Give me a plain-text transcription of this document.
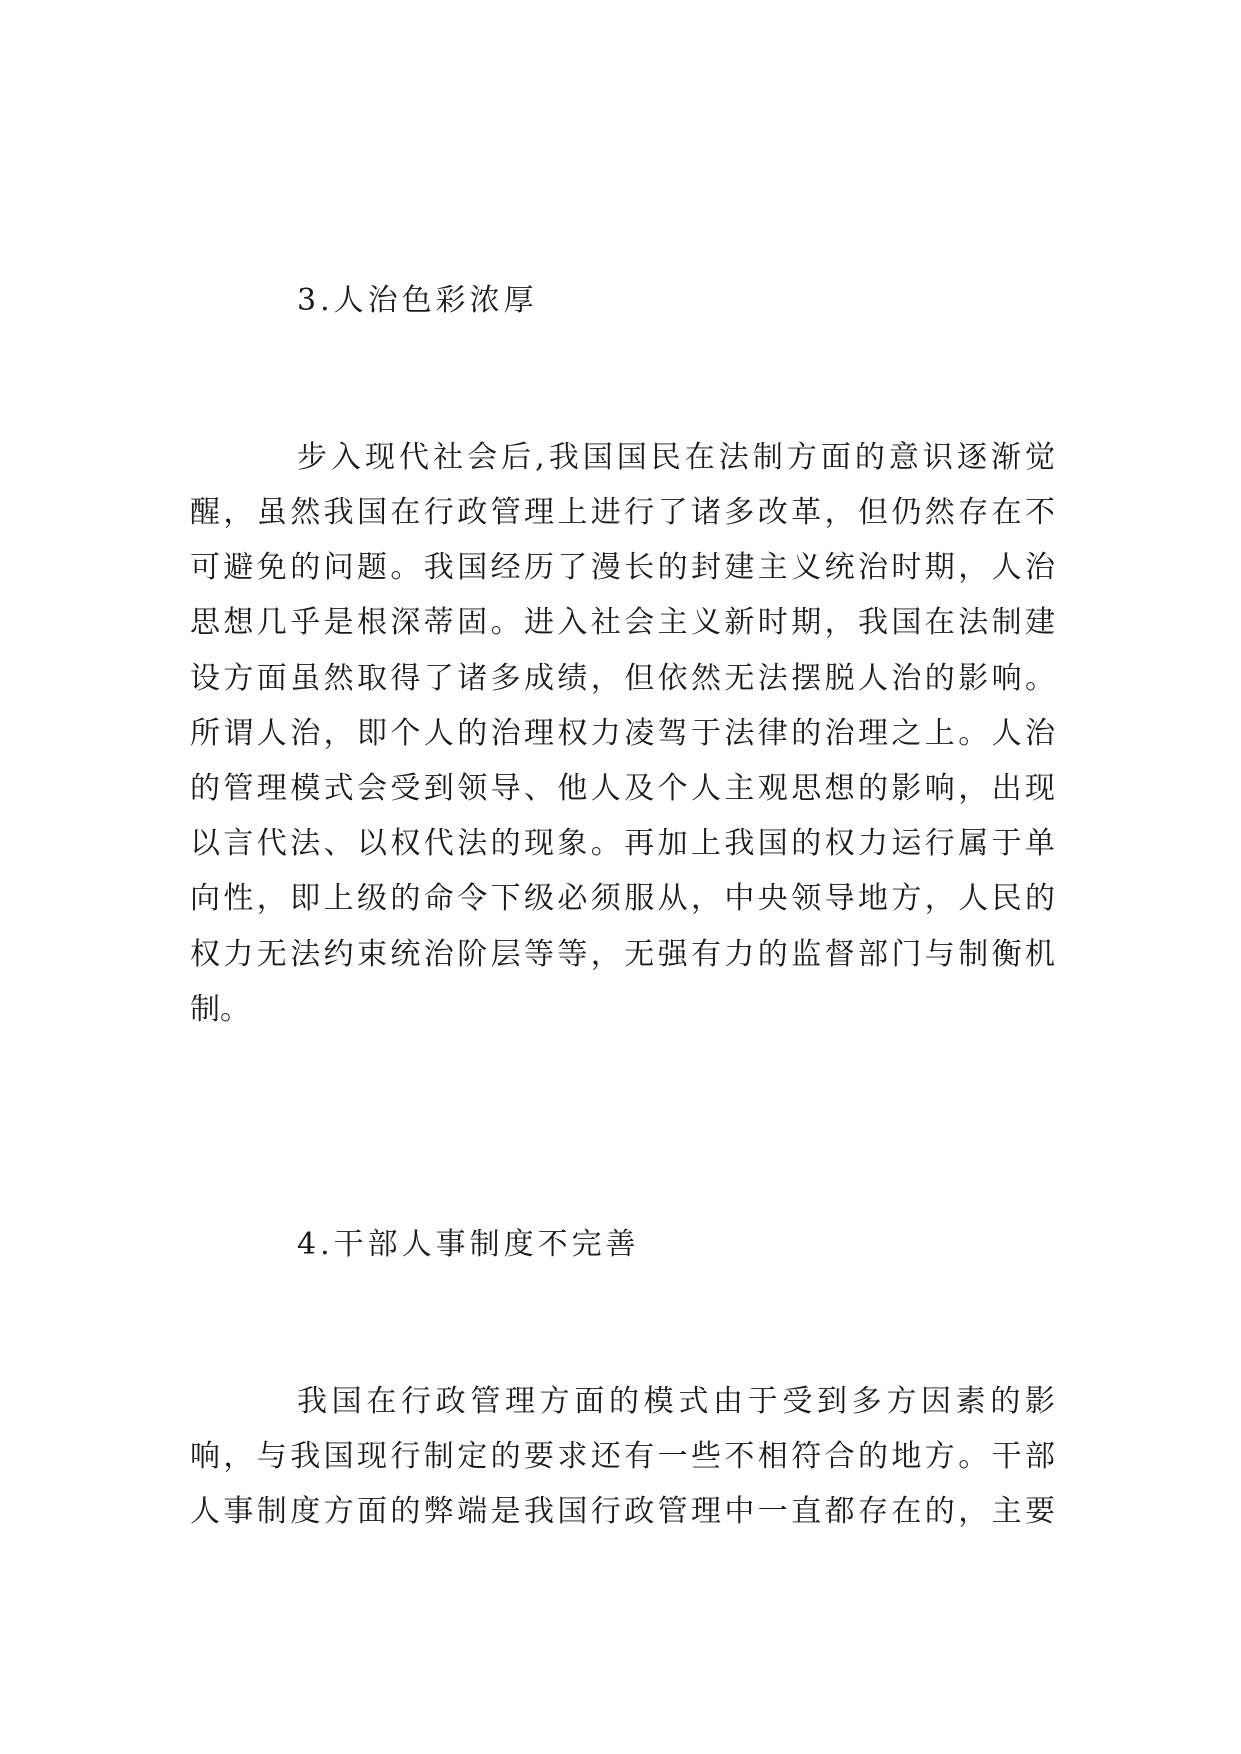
3.人治色彩浓厚
步入现代社会后,我国国民在法制方面的意识逐渐觉
醒，虽然我国在行政管理上进行了诸多改革，但仍然存在不
可避免的问题。我国经历了漫长的封建主义统治时期，人治
思想几乎是根深蒂固。进入社会主义新时期，我国在法制建
设方面虽然取得了诸多成绩，但依然无法摆脱人治的影响。
所谓人治，即个人的治理权力凌驾于法律的治理之上。人治
的管理模式会受到领导、他人及个人主观思想的影响，出现
以言代法、以权代法的现象。再加上我国的权力运行属于单
向性，即上级的命令下级必须服从，中央领导地方，人民的
权力无法约束统治阶层等等，无强有力的监督部门与制衡机
制。
4.干部人事制度不完善
我国在行政管理方面的模式由于受到多方因素的影
响，与我国现行制定的要求还有一些不相符合的地方。干部
人事制度方面的弊端是我国行政管理中一直都存在的，主要
